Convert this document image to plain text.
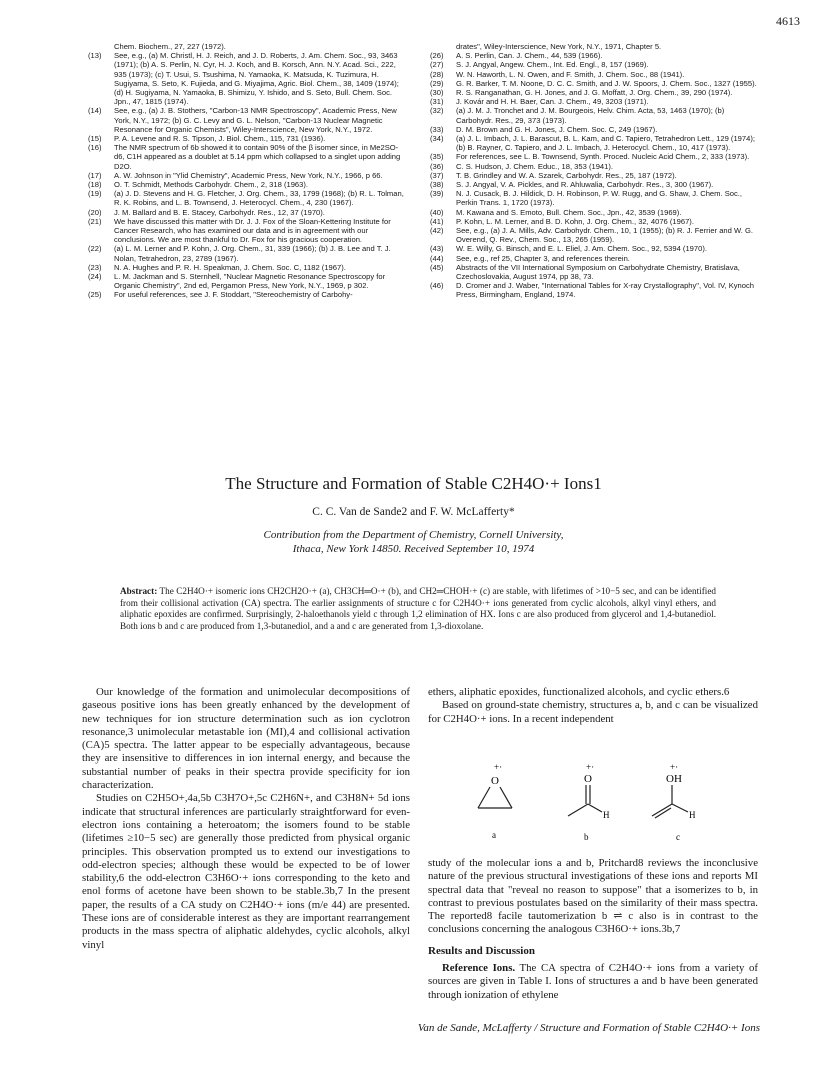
4613

Chem. Biochem., 27, 227 (1972).

(13) See, e.g., (a) M. Christl, H. J. Reich, and J. D. Roberts, J. Am. Chem. Soc., 93, 3463 (1971); (b) A. S. Perlin, N. Cyr, H. J. Koch, and B. Korsch, Ann. N.Y. Acad. Sci., 222, 935 (1973); (c) T. Usui, S. Tsushima, N. Yamaoka, K. Matsuda, K. Tuzimura, H. Sugiyama, S. Seto, K. Fujieda, and G. Miyajima, Agric. Biol. Chem., 38, 1409 (1974); (d) H. Sugiyama, N. Yamaoka, B. Shimizu, Y. Ishido, and S. Seto, Bull. Chem. Soc. Jpn., 47, 1815 (1974).

(14) See, e.g., (a) J. B. Stothers, "Carbon-13 NMR Spectroscopy", Academic Press, New York, N.Y., 1972; (b) G. C. Levy and G. L. Nelson, "Carbon-13 Nuclear Magnetic Resonance for Organic Chemists", Wiley-Interscience, New York, N.Y., 1972.

(15) P. A. Levene and R. S. Tipson, J. Biol. Chem., 115, 731 (1936).

(16) The NMR spectrum of 6b showed it to contain 90% of the β isomer since, in Me2SO-d6, C1H appeared as a doublet at 5.14 ppm which collapsed to a singlet upon adding D2O.

(17) A. W. Johnson in "Ylid Chemistry", Academic Press, New York, N.Y., 1966, p 66.

(18) O. T. Schmidt, Methods Carbohydr. Chem., 2, 318 (1963).

(19) (a) J. D. Stevens and H. G. Fletcher, J. Org. Chem., 33, 1799 (1968); (b) R. L. Tolman, R. K. Robins, and L. B. Townsend, J. Heterocycl. Chem., 4, 230 (1967).

(20) J. M. Ballard and B. E. Stacey, Carbohydr. Res., 12, 37 (1970).

(21) We have discussed this matter with Dr. J. J. Fox of the Sloan-Kettering Institute for Cancer Research, who has examined our data and is in agreement with our conclusions. We are most thankful to Dr. Fox for his gracious cooperation.

(22) (a) L. M. Lerner and P. Kohn, J. Org. Chem., 31, 339 (1966); (b) J. B. Lee and T. J. Nolan, Tetrahedron, 23, 2789 (1967).

(23) N. A. Hughes and P. R. H. Speakman, J. Chem. Soc. C, 1182 (1967).

(24) L. M. Jackman and S. Sternhell, "Nuclear Magnetic Resonance Spectroscopy for Organic Chemistry", 2nd ed, Pergamon Press, New York, N.Y., 1969, p 302.

(25) For useful references, see J. F. Stoddart, "Stereochemistry of Carbohy-

drates", Wiley-Interscience, New York, N.Y., 1971, Chapter 5.

(26) A. S. Perlin, Can. J. Chem., 44, 539 (1966).

(27) S. J. Angyal, Angew. Chem., Int. Ed. Engl., 8, 157 (1969).

(28) W. N. Haworth, L. N. Owen, and F. Smith, J. Chem. Soc., 88 (1941).

(29) G. R. Barker, T. M. Noone, D. C. C. Smith, and J. W. Spoors, J. Chem. Soc., 1327 (1955).

(30) R. S. Ranganathan, G. H. Jones, and J. G. Moffatt, J. Org. Chem., 39, 290 (1974).

(31) J. Kovár and H. H. Baer, Can. J. Chem., 49, 3203 (1971).

(32) (a) J. M. J. Tronchet and J. M. Bourgeois, Helv. Chim. Acta, 53, 1463 (1970); (b) Carbohydr. Res., 29, 373 (1973).

(33) D. M. Brown and G. H. Jones, J. Chem. Soc. C, 249 (1967).

(34) (a) J. L. Imbach, J. L. Barascut, B. L. Kam, and C. Tapiero, Tetrahedron Lett., 129 (1974); (b) B. Rayner, C. Tapiero, and J. L. Imbach, J. Heterocycl. Chem., 10, 417 (1973).

(35) For references, see L. B. Townsend, Synth. Proced. Nucleic Acid Chem., 2, 333 (1973).

(36) C. S. Hudson, J. Chem. Educ., 18, 353 (1941).

(37) T. B. Grindley and W. A. Szarek, Carbohydr. Res., 25, 187 (1972).

(38) S. J. Angyal, V. A. Pickles, and R. Ahluwalia, Carbohydr. Res., 3, 300 (1967).

(39) N. J. Cusack, B. J. Hildick, D. H. Robinson, P. W. Rugg, and G. Shaw, J. Chem. Soc., Perkin Trans. 1, 1720 (1973).

(40) M. Kawana and S. Emoto, Bull. Chem. Soc., Jpn., 42, 3539 (1969).

(41) P. Kohn, L. M. Lerner, and B. D. Kohn, J. Org. Chem., 32, 4076 (1967).

(42) See, e.g., (a) J. A. Mills, Adv. Carbohydr. Chem., 10, 1 (1955); (b) R. J. Ferrier and W. G. Overend, Q. Rev., Chem. Soc., 13, 265 (1959).

(43) W. E. Willy, G. Binsch, and E. L. Eliel, J. Am. Chem. Soc., 92, 5394 (1970).

(44) See, e.g., ref 25, Chapter 3, and references therein.

(45) Abstracts of the VII International Symposium on Carbohydrate Chemistry, Bratislava, Czechoslovakia, August 1974, pp 38, 73.

(46) D. Cromer and J. Waber, "International Tables for X-ray Crystallography", Vol. IV, Kynoch Press, Birmingham, England, 1974.

The Structure and Formation of Stable C2H4O·+ Ions1
C. C. Van de Sande2 and F. W. McLafferty*
Contribution from the Department of Chemistry, Cornell University,
Ithaca, New York 14850. Received September 10, 1974
Abstract: The C2H4O·+ isomeric ions CH2CH2O·+ (a), CH3CH═O·+ (b), and CH2═CHOH·+ (c) are stable, with lifetimes of >10−5 sec, and can be identified from their collisional activation (CA) spectra. The earlier assignments of structure c for C2H4O·+ ions generated from cyclic alcohols, alkyl vinyl ethers, and aliphatic epoxides are confirmed. Surprisingly, 2-haloethanols yield c through 1,2 elimination of HX. Ions c are also produced from glycerol and 1,4-butanediol. Both ions b and c are produced from 1,3-butanediol, and a and c are generated from 1,3-dioxolane.

Our knowledge of the formation and unimolecular decompositions of gaseous positive ions has been greatly enhanced by the development of new techniques for ion structure determination such as ion cyclotron resonance,3 unimolecular metastable ion (MI),4 and collisional activation (CA)5 spectra. The latter appear to be especially advantageous, because they are insensitive to differences in ion internal energy, and because the substantial number of peaks in their spectra provide specificity for ion characterization.

Studies on C2H5O+,4a,5b C3H7O+,5c C2H6N+, and C3H8N+ 5d ions indicate that structural inferences are particularly straightforward for even-electron ions containing a heteroatom; the isomers found to be stable (lifetimes ≥10−5 sec) are generally those predicted from physical organic principles. This observation prompted us to extend our investigations to odd-electron species; although these would be expected to be of lower stability,6 the odd-electron C3H6O·+ ions corresponding to the keto and enol forms of acetone have been shown to be stable.3b,7 In the present paper, the results of a CA study on C2H4O·+ ions (m/e 44) are presented. These ions are of considerable interest as they are important rearrangement products in the mass spectra of aliphatic aldehydes, cyclic alcohols, alkyl vinyl

ethers, aliphatic epoxides, functionalized alcohols, and cyclic ethers.6

Based on ground-state chemistry, structures a, b, and c can be visualized for C2H4O·+ ions. In a recent independent

+·
O
a
+·
O
H
b
+·
OH
H
c

study of the molecular ions a and b, Pritchard8 reviews the inconclusive nature of the previous structural investigations of these ions and reports MI spectral data that "reveal no reason to suppose" that a isomerizes to b, in contrast to previous postulates based on the similarity of their mass spectra. The reported8 facile tautomerization b ⇌ c also is in contrast to the conclusions concerning the analogous C3H6O·+ ions.3b,7

Results and Discussion

Reference Ions. The CA spectra of C2H4O·+ ions from a variety of sources are given in Table I. Ions of structures a and b have been generated through ionization of ethylene

Van de Sande, McLafferty / Structure and Formation of Stable C2H4O·+ Ions
